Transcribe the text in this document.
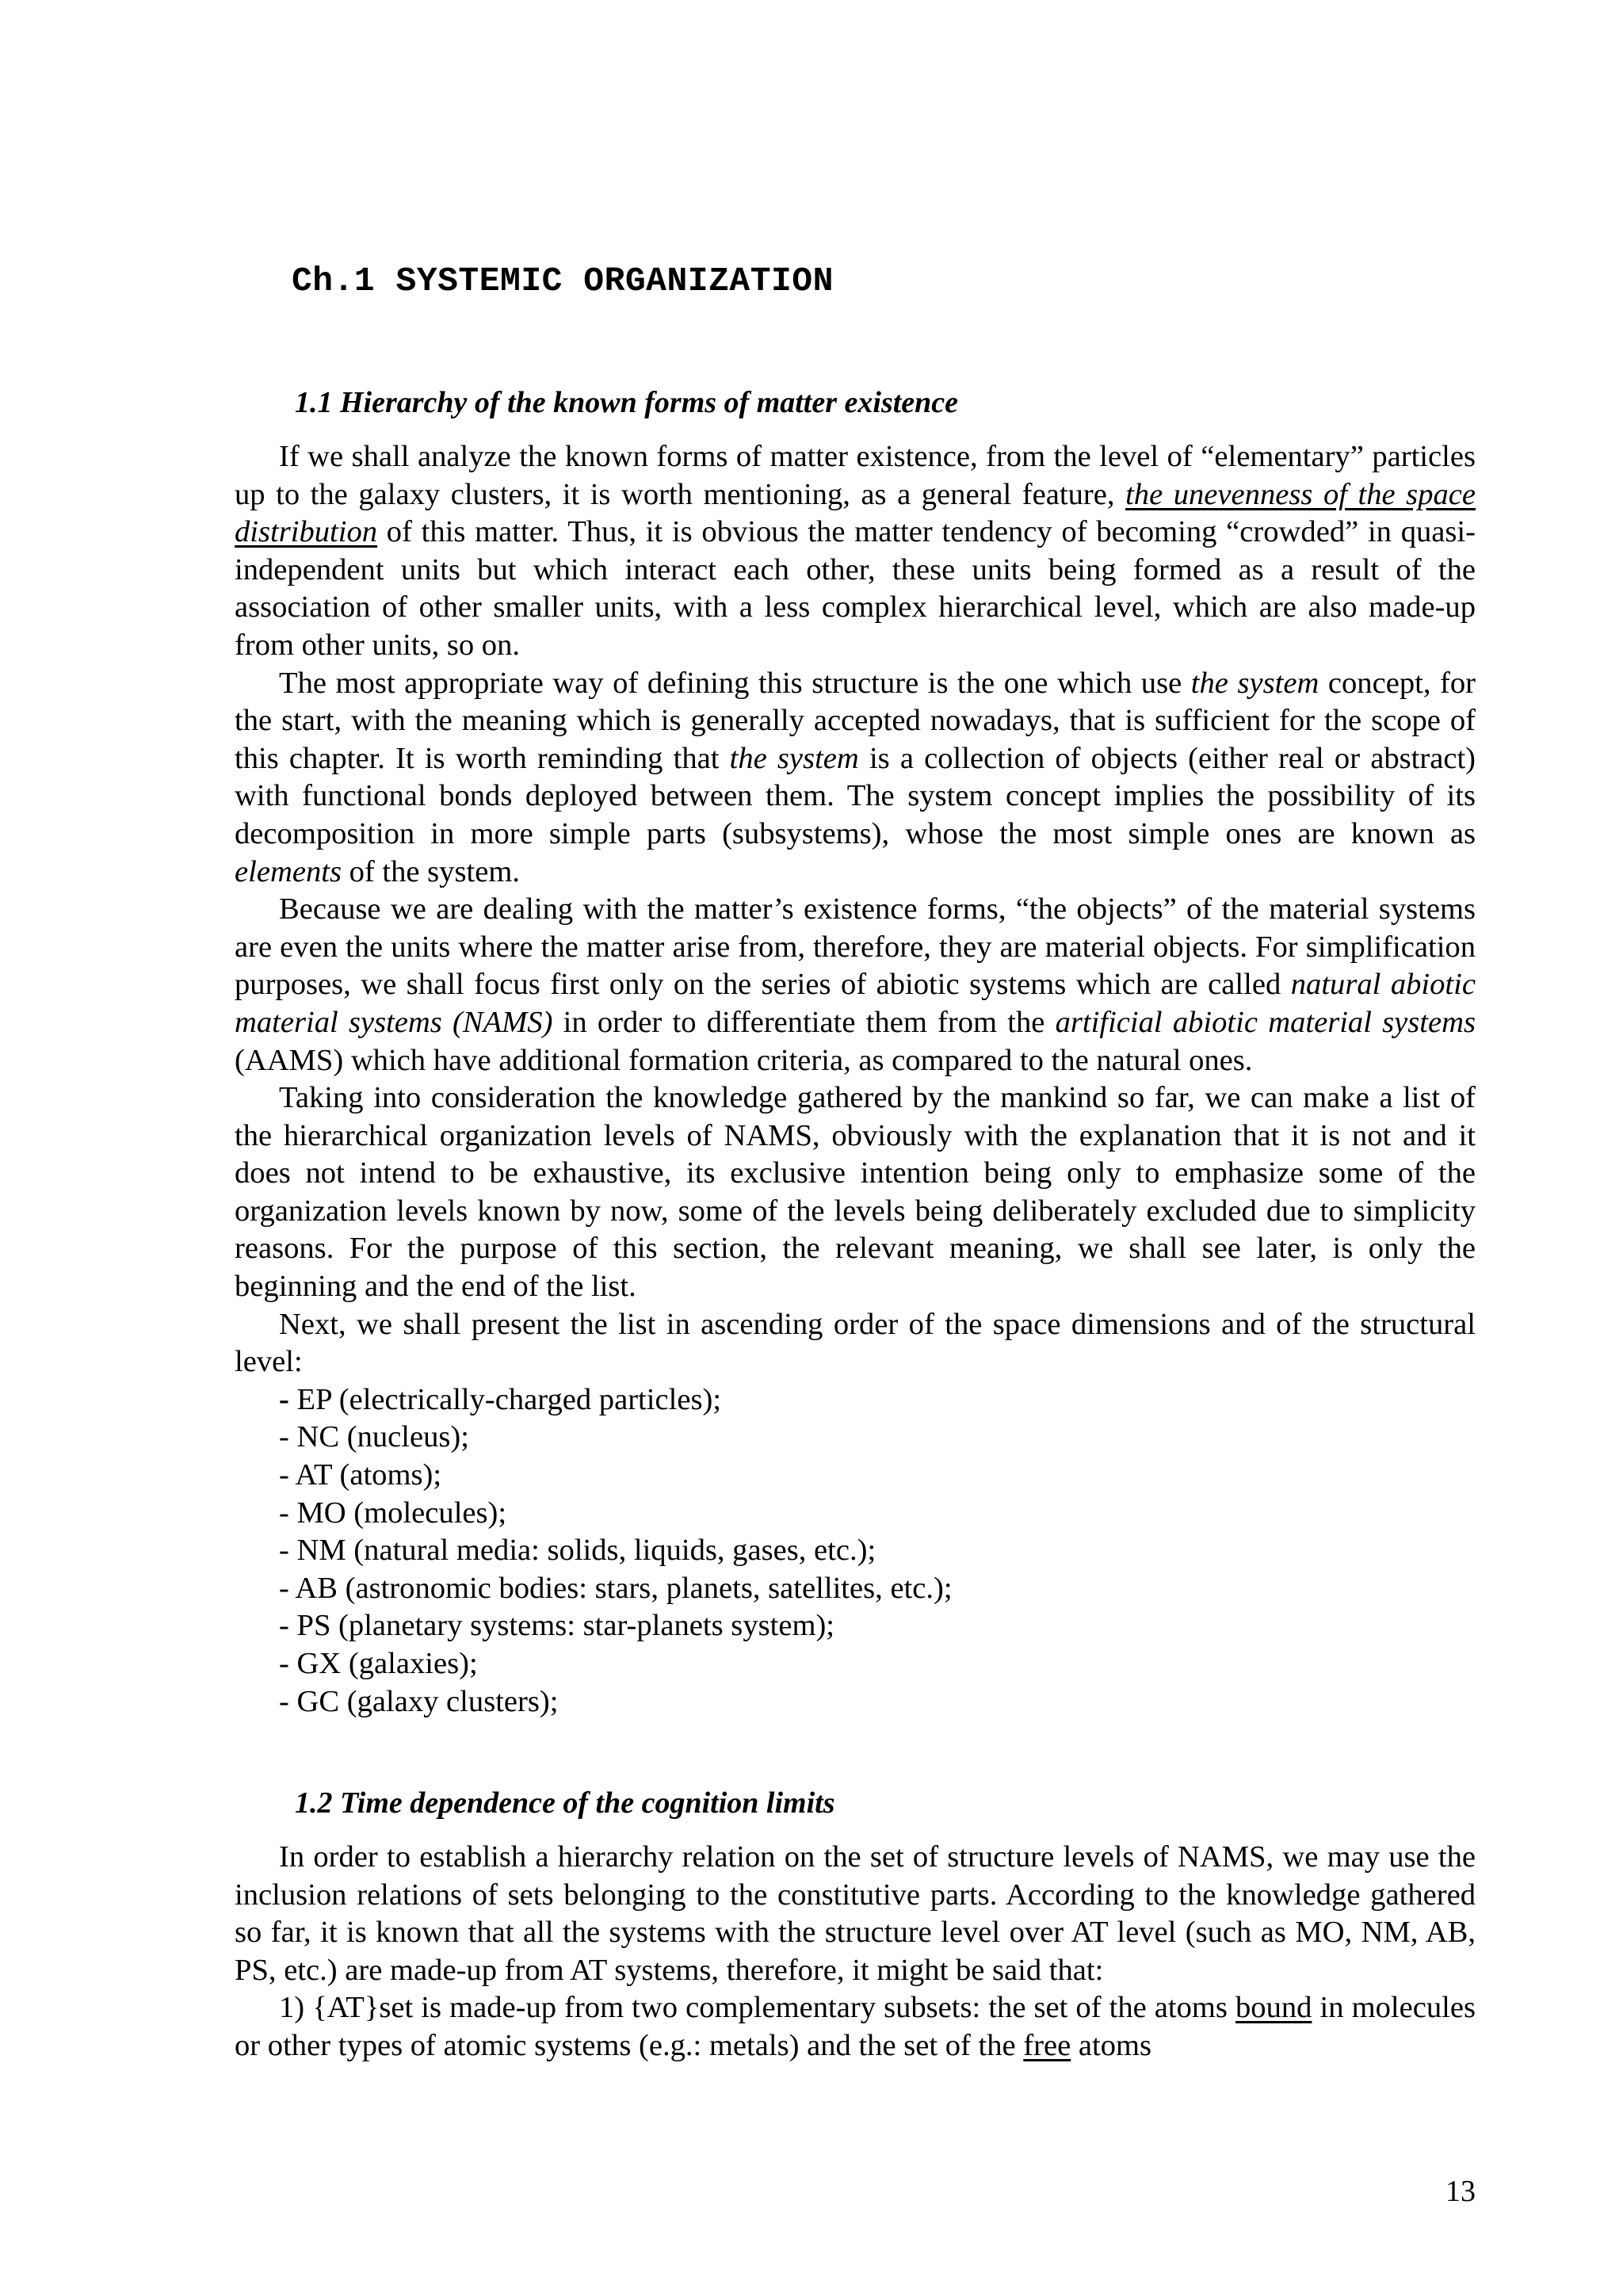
Ch.1 SYSTEMIC ORGANIZATION
1.1 Hierarchy of the known forms of matter existence

If we shall analyze the known forms of matter existence, from the level of “elementary” particles up to the galaxy clusters, it is worth mentioning, as a general feature, the unevenness of the space distribution of this matter. Thus, it is obvious the matter tendency of becoming “crowded” in quasi-independent units but which interact each other, these units being formed as a result of the association of other smaller units, with a less complex hierarchical level, which are also made-up from other units, so on.

The most appropriate way of defining this structure is the one which use the system concept, for the start, with the meaning which is generally accepted nowadays, that is sufficient for the scope of this chapter. It is worth reminding that the system is a collection of objects (either real or abstract) with functional bonds deployed between them. The system concept implies the possibility of its decomposition in more simple parts (subsystems), whose the most simple ones are known as elements of the system.

Because we are dealing with the matter’s existence forms, “the objects” of the material systems are even the units where the matter arise from, therefore, they are material objects. For simplification purposes, we shall focus first only on the series of abiotic systems which are called natural abiotic material systems (NAMS) in order to differentiate them from the artificial abiotic material systems (AAMS) which have additional formation criteria, as compared to the natural ones.

Taking into consideration the knowledge gathered by the mankind so far, we can make a list of the hierarchical organization levels of NAMS, obviously with the explanation that it is not and it does not intend to be exhaustive, its exclusive intention being only to emphasize some of the organization levels known by now, some of the levels being deliberately excluded due to simplicity reasons. For the purpose of this section, the relevant meaning, we shall see later, is only the beginning and the end of the list.

Next, we shall present the list in ascending order of the space dimensions and of the structural level:

- EP (electrically-charged particles);
- NC (nucleus);
- AT (atoms);
- MO (molecules);
- NM (natural media: solids, liquids, gases, etc.);
- AB (astronomic bodies: stars, planets, satellites, etc.);
- PS (planetary systems: star-planets system);
- GX (galaxies);
- GC (galaxy clusters);
1.2 Time dependence of the cognition limits

In order to establish a hierarchy relation on the set of structure levels of NAMS, we may use the inclusion relations of sets belonging to the constitutive parts. According to the knowledge gathered so far, it is known that all the systems with the structure level over AT level (such as MO, NM, AB, PS, etc.) are made-up from AT systems, therefore, it might be said that:

1) {AT}set is made-up from two complementary subsets: the set of the atoms bound in molecules or other types of atomic systems (e.g.: metals) and the set of the free atoms

13
